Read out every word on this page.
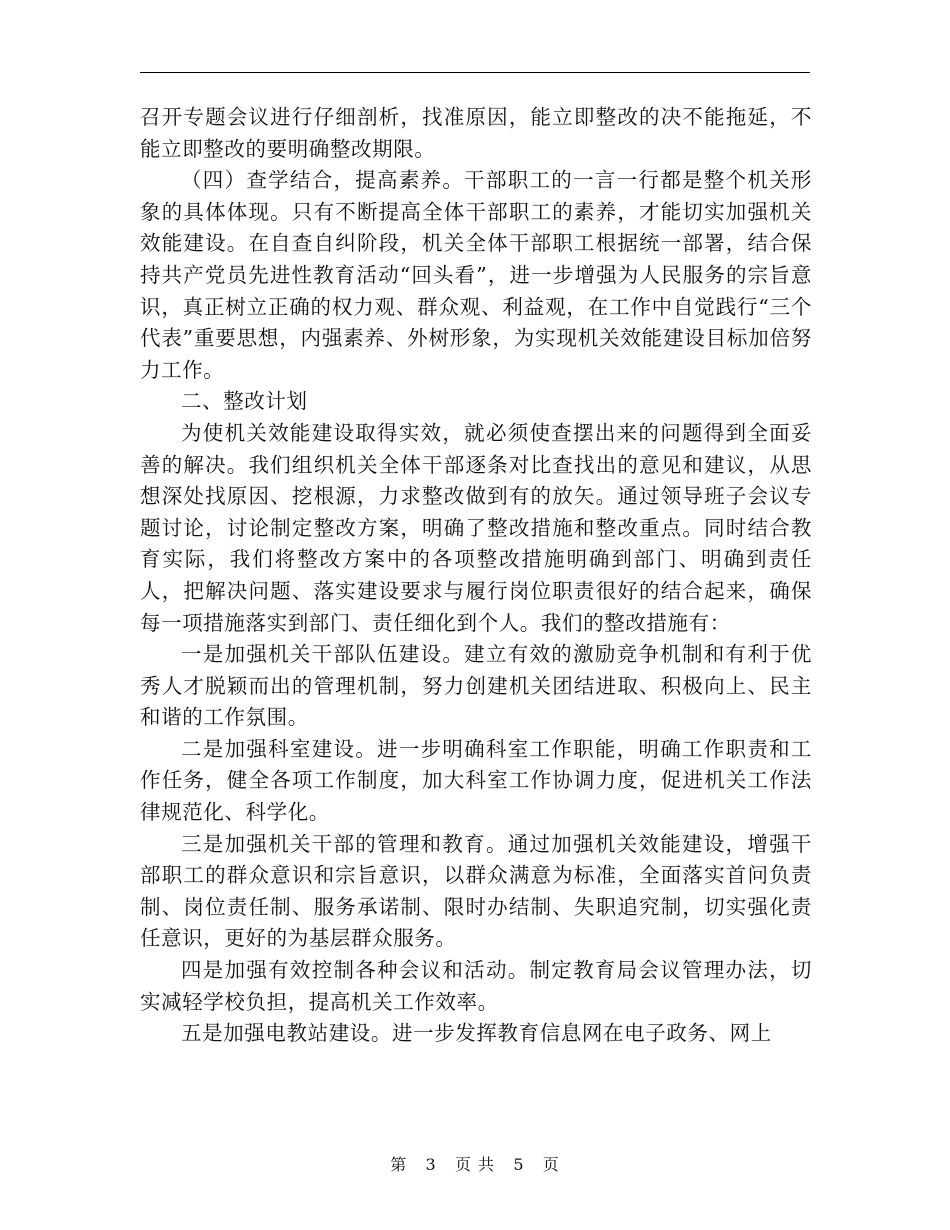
召开专题会议进行仔细剖析，找准原因，能立即整改的决不能拖延，不能立即整改的要明确整改期限。

（四）查学结合，提高素养。干部职工的一言一行都是整个机关形象的具体体现。只有不断提高全体干部职工的素养，才能切实加强机关效能建设。在自查自纠阶段，机关全体干部职工根据统一部署，结合保持共产党员先进性教育活动“回头看”，进一步增强为人民服务的宗旨意识，真正树立正确的权力观、群众观、利益观，在工作中自觉践行“三个代表”重要思想，内强素养、外树形象，为实现机关效能建设目标加倍努力工作。

二、整改计划

为使机关效能建设取得实效，就必须使查摆出来的问题得到全面妥善的解决。我们组织机关全体干部逐条对比查找出的意见和建议，从思想深处找原因、挖根源，力求整改做到有的放矢。通过领导班子会议专题讨论，讨论制定整改方案，明确了整改措施和整改重点。同时结合教育实际，我们将整改方案中的各项整改措施明确到部门、明确到责任人，把解决问题、落实建设要求与履行岗位职责很好的结合起来，确保每一项措施落实到部门、责任细化到个人。我们的整改措施有：

一是加强机关干部队伍建设。建立有效的激励竞争机制和有利于优秀人才脱颖而出的管理机制，努力创建机关团结进取、积极向上、民主和谐的工作氛围。

二是加强科室建设。进一步明确科室工作职能，明确工作职责和工作任务，健全各项工作制度，加大科室工作协调力度，促进机关工作法律规范化、科学化。

三是加强机关干部的管理和教育。通过加强机关效能建设，增强干部职工的群众意识和宗旨意识，以群众满意为标准，全面落实首问负责制、岗位责任制、服务承诺制、限时办结制、失职追究制，切实强化责任意识，更好的为基层群众服务。

四是加强有效控制各种会议和活动。制定教育局会议管理办法，切实减轻学校负担，提高机关工作效率。

五是加强电教站建设。进一步发挥教育信息网在电子政务、网上

第 3 页 共 5 页
